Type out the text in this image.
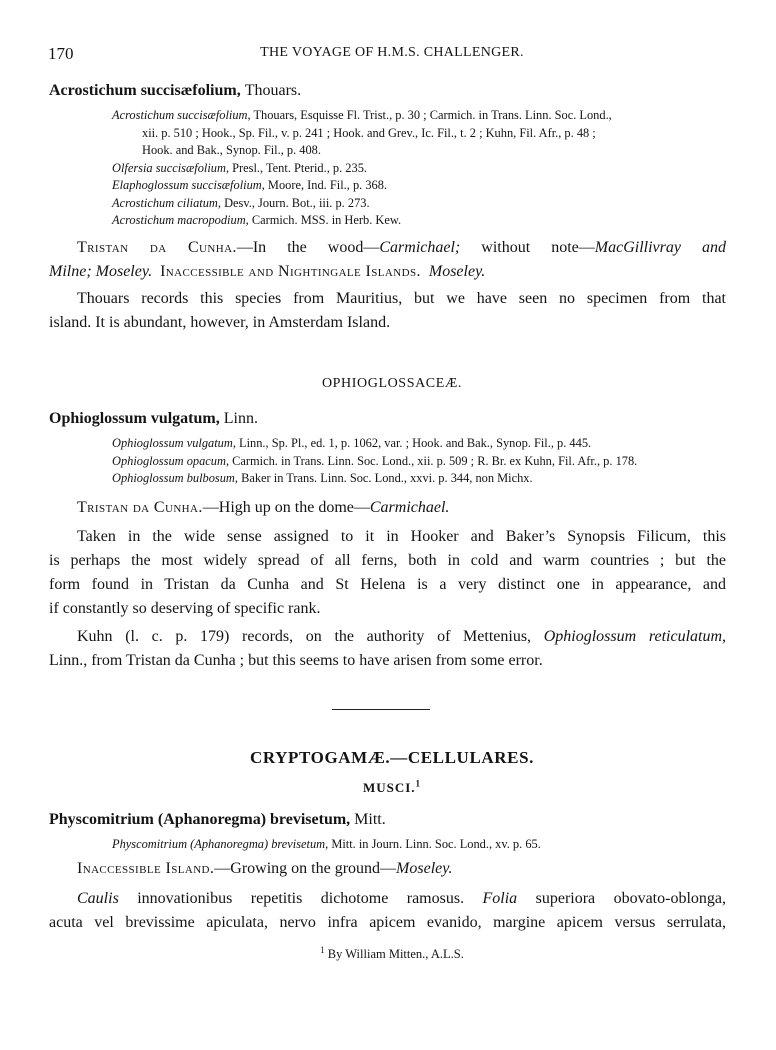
170	THE VOYAGE OF H.M.S. CHALLENGER.
Acrostichum succisæfolium, Thouars.
Acrostichum succisæfolium, Thouars, Esquisse Fl. Trist., p. 30 ; Carmich. in Trans. Linn. Soc. Lond.,
xii. p. 510 ; Hook., Sp. Fil., v. p. 241 ; Hook. and Grev., Ic. Fil., t. 2 ; Kuhn, Fil. Afr., p. 48 ;
Hook. and Bak., Synop. Fil., p. 408.
Olfersia succisæfolium, Presl., Tent. Pterid., p. 235.
Elaphoglossum succisæfolium, Moore, Ind. Fil., p. 368.
Acrostichum ciliatum, Desv., Journ. Bot., iii. p. 273.
Acrostichum macropodium, Carmich. MSS. in Herb. Kew.
Tristan da Cunha.—In the wood—Carmichael; without note—MacGillivray and
Milne; Moseley. Inaccessible and Nightingale Islands. Moseley.
Thouars records this species from Mauritius, but we have seen no specimen from that
island. It is abundant, however, in Amsterdam Island.
OPHIOGLOSSACEÆ.
Ophioglossum vulgatum, Linn.
Ophioglossum vulgatum, Linn., Sp. Pl., ed. 1, p. 1062, var. ; Hook. and Bak., Synop. Fil., p. 445.
Ophioglossum opacum, Carmich. in Trans. Linn. Soc. Lond., xii. p. 509 ; R. Br. ex Kuhn, Fil. Afr., p. 178.
Ophioglossum bulbosum, Baker in Trans. Linn. Soc. Lond., xxvi. p. 344, non Michx.
Tristan da Cunha.—High up on the dome—Carmichael.
Taken in the wide sense assigned to it in Hooker and Baker’s Synopsis Filicum, this
is perhaps the most widely spread of all ferns, both in cold and warm countries ; but the
form found in Tristan da Cunha and St Helena is a very distinct one in appearance, and
if constantly so deserving of specific rank.
Kuhn (l. c. p. 179) records, on the authority of Mettenius, Ophioglossum reticulatum,
Linn., from Tristan da Cunha ; but this seems to have arisen from some error.
CRYPTOGAMÆ.—CELLULARES.
MUSCI.$^1$
Physcomitrium (Aphanoregma) brevisetum, Mitt.
Physcomitrium (Aphanoregma) brevisetum, Mitt. in Journ. Linn. Soc. Lond., xv. p. 65.
Inaccessible Island.—Growing on the ground—Moseley.
Caulis innovationibus repetitis dichotome ramosus. Folia superiora obovato-oblonga,
acuta vel brevissime apiculata, nervo infra apicem evanido, margine apicem versus serrulata,
$^1$ By William Mitten., A.L.S.
